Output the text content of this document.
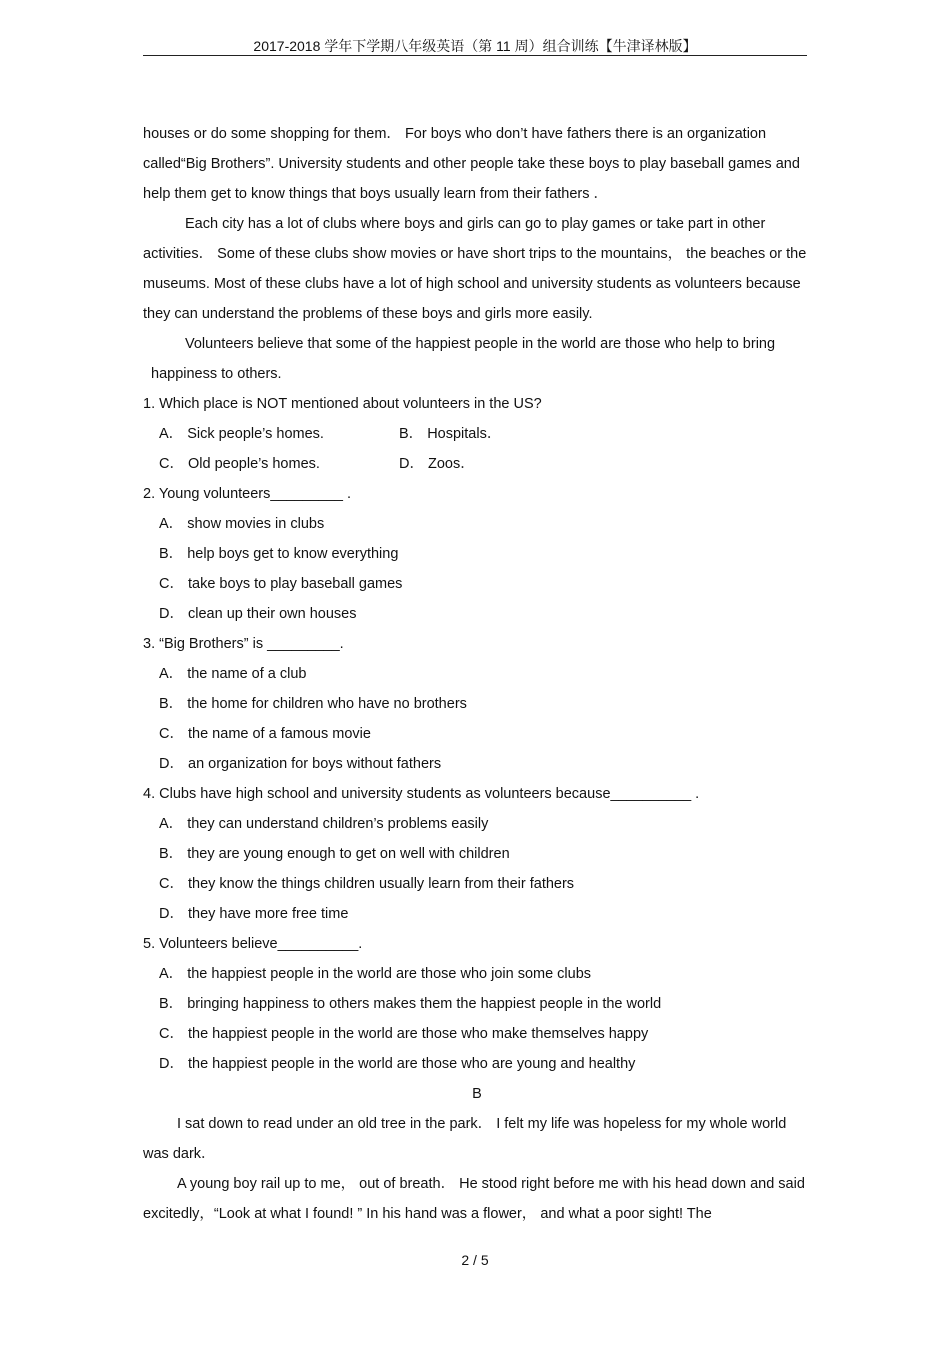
2017-2018 学年下学期八年级英语（第 11 周）组合训练【牛津译林版】

houses or do some shopping for them． For boys who don’t have fathers there is an organization called“Big Brothers”. University students and other people take these boys to play baseball games and help them get to know things that boys usually learn from their fathers ．

Each city has a lot of clubs where boys and girls can go to play games or take part in other activities． Some of these clubs show movies or have short trips to the mountains， the beaches or the museums. Most of these clubs have a lot of high school and university students as volunteers because they can understand the problems of these boys and girls more easily.

Volunteers believe that some of the happiest people in the world are those who help to bring happiness to others.

1. Which place is NOT mentioned about volunteers in the US?

A． Sick people’s homes.	B． Hospitals．
C． Old people’s homes.	D． Zoos．

2. Young volunteers_________ .

A． show movies in clubs

B． help boys get to know everything

C． take boys to play baseball games

D． clean up their own houses

3. “Big Brothers” is _________.

A． the name of a club

B． the home for children who have no brothers

C． the name of a famous movie

D． an organization for boys without fathers

4. Clubs have high school and university students as volunteers because__________ .

A． they can understand children’s problems easily

B． they are young enough to get on well with children

C． they know the things children usually learn from their fathers

D． they have more free time

5. Volunteers believe__________.

A． the happiest people in the world are those who join some clubs

B． bringing happiness to others makes them the happiest people in the world

C． the happiest people in the world are those who make themselves happy

D． the happiest people in the world are those who are young and healthy

B

I sat down to read under an old tree in the park． I felt my life was hopeless for my whole world was dark．

A young boy rail up to me， out of breath． He stood right before me with his head down and said excitedly，“Look at what I found! ” In his hand was a flower， and what a poor sight! The

2 / 5
